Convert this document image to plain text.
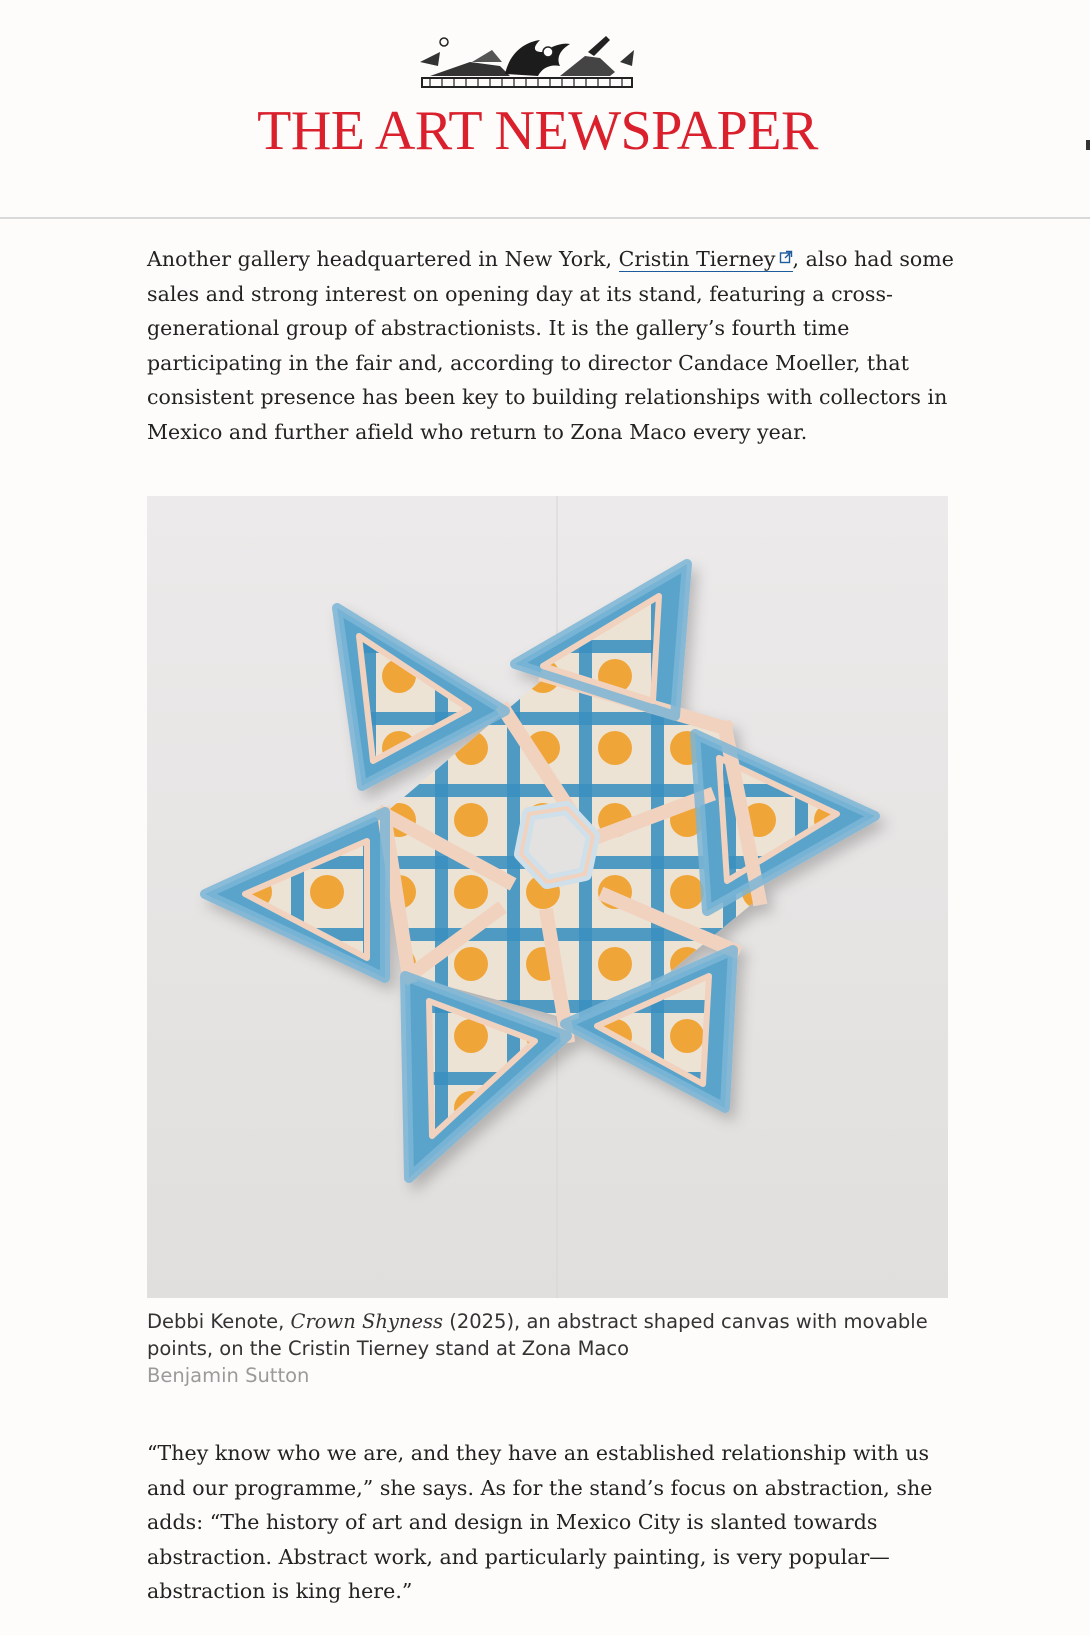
THE ART NEWSPAPER
Another gallery headquartered in New York, Cristin Tierney , also had some
sales and strong interest on opening day at its stand, featuring a cross-
generational group of abstractionists. It is the gallery’s fourth time
participating in the fair and, according to director Candace Moeller, that
consistent presence has been key to building relationships with collectors in
Mexico and further afield who return to Zona Maco every year.
Debbi Kenote, Crown Shyness (2025), an abstract shaped canvas with movable
points, on the Cristin Tierney stand at Zona Maco
Benjamin Sutton
“They know who we are, and they have an established relationship with us
and our programme,” she says. As for the stand’s focus on abstraction, she
adds: “The history of art and design in Mexico City is slanted towards
abstraction. Abstract work, and particularly painting, is very popular—
abstraction is king here.”
